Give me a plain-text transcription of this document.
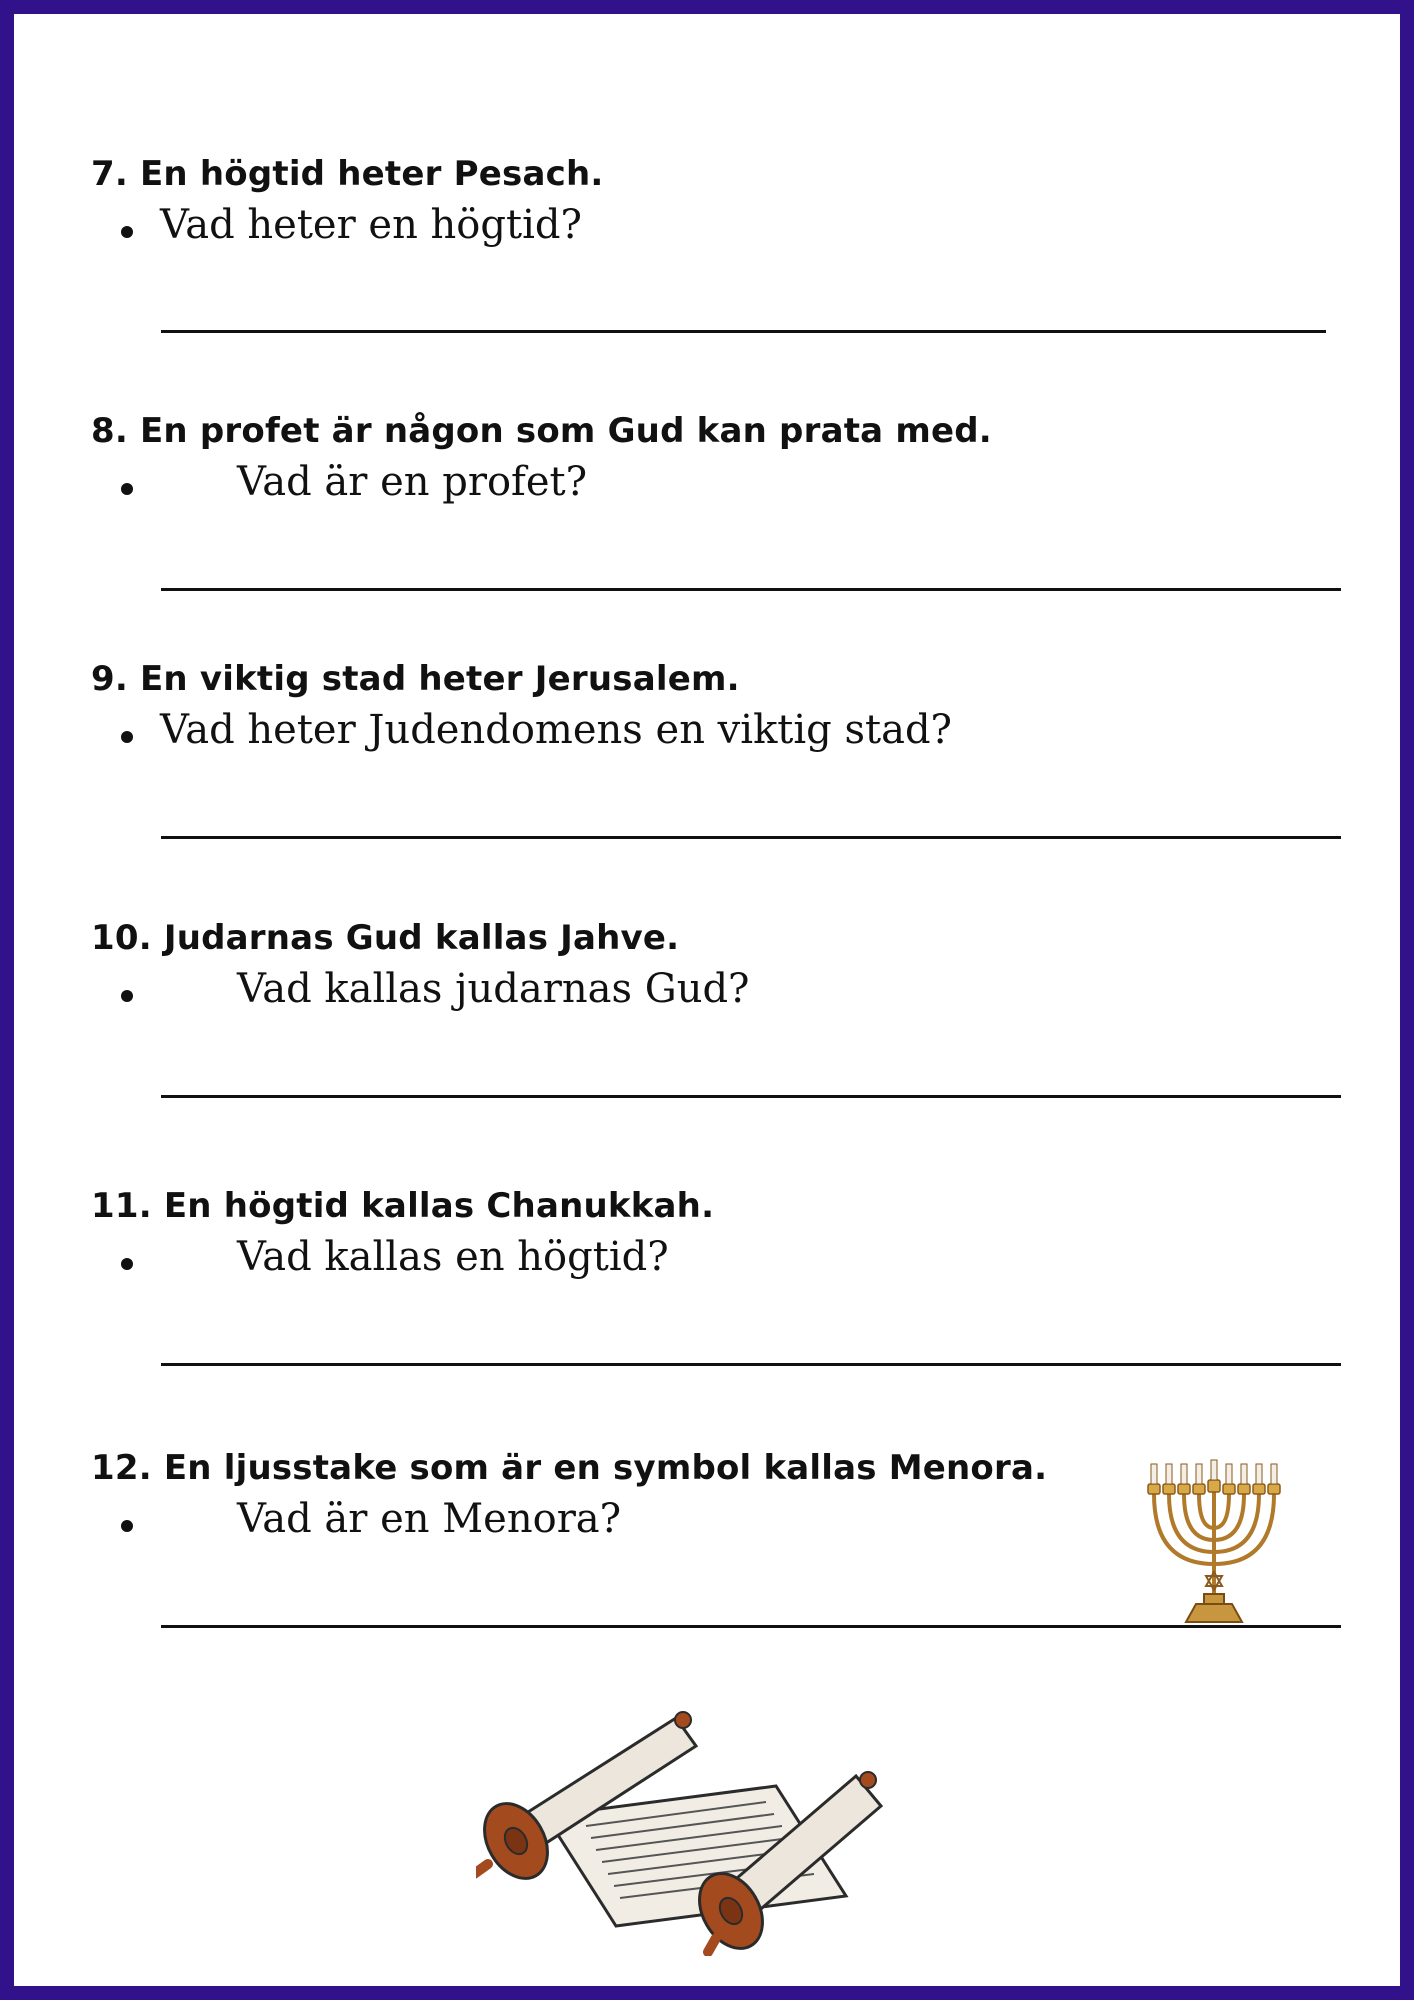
7. En högtid heter Pesach.

Vad heter en högtid?

8. En profet är någon som Gud kan prata med.

Vad är en profet?

9. En viktig stad heter Jerusalem.

Vad heter Judendomens en viktig stad?

10. Judarnas Gud kallas Jahve.

Vad kallas judarnas Gud?

11. En högtid kallas Chanukkah.

Vad kallas en högtid?

12. En ljusstake som är en symbol kallas Menora.

Vad är en Menora?
